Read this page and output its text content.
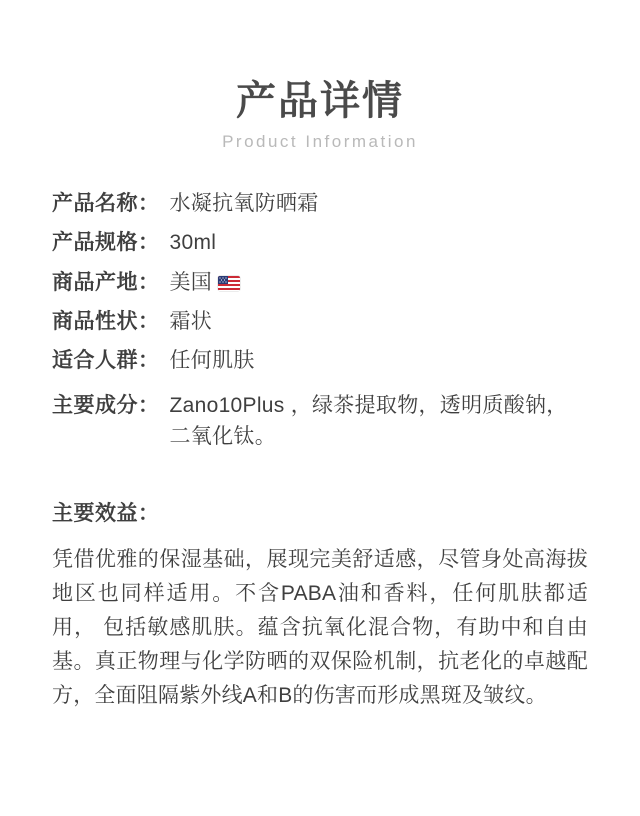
产品详情
Product Information
产品名称： 水凝抗氧防晒霜
产品规格： 30ml
商品产地： 美国
商品性状： 霜状
适合人群： 任何肌肤
主要成分： Zano10Plus ，绿茶提取物，透明质酸钠，二氧化钛。
主要效益：
凭借优雅的保湿基础，展现完美舒适感，尽管身处高海拔地区也同样适用。不含PABA油和香料，任何肌肤都适用， 包括敏感肌肤。蕴含抗氧化混合物，有助中和自由基。真正物理与化学防晒的双保险机制，抗老化的卓越配方，全面阻隔紫外线A和B的伤害而形成黑斑及皱纹。
